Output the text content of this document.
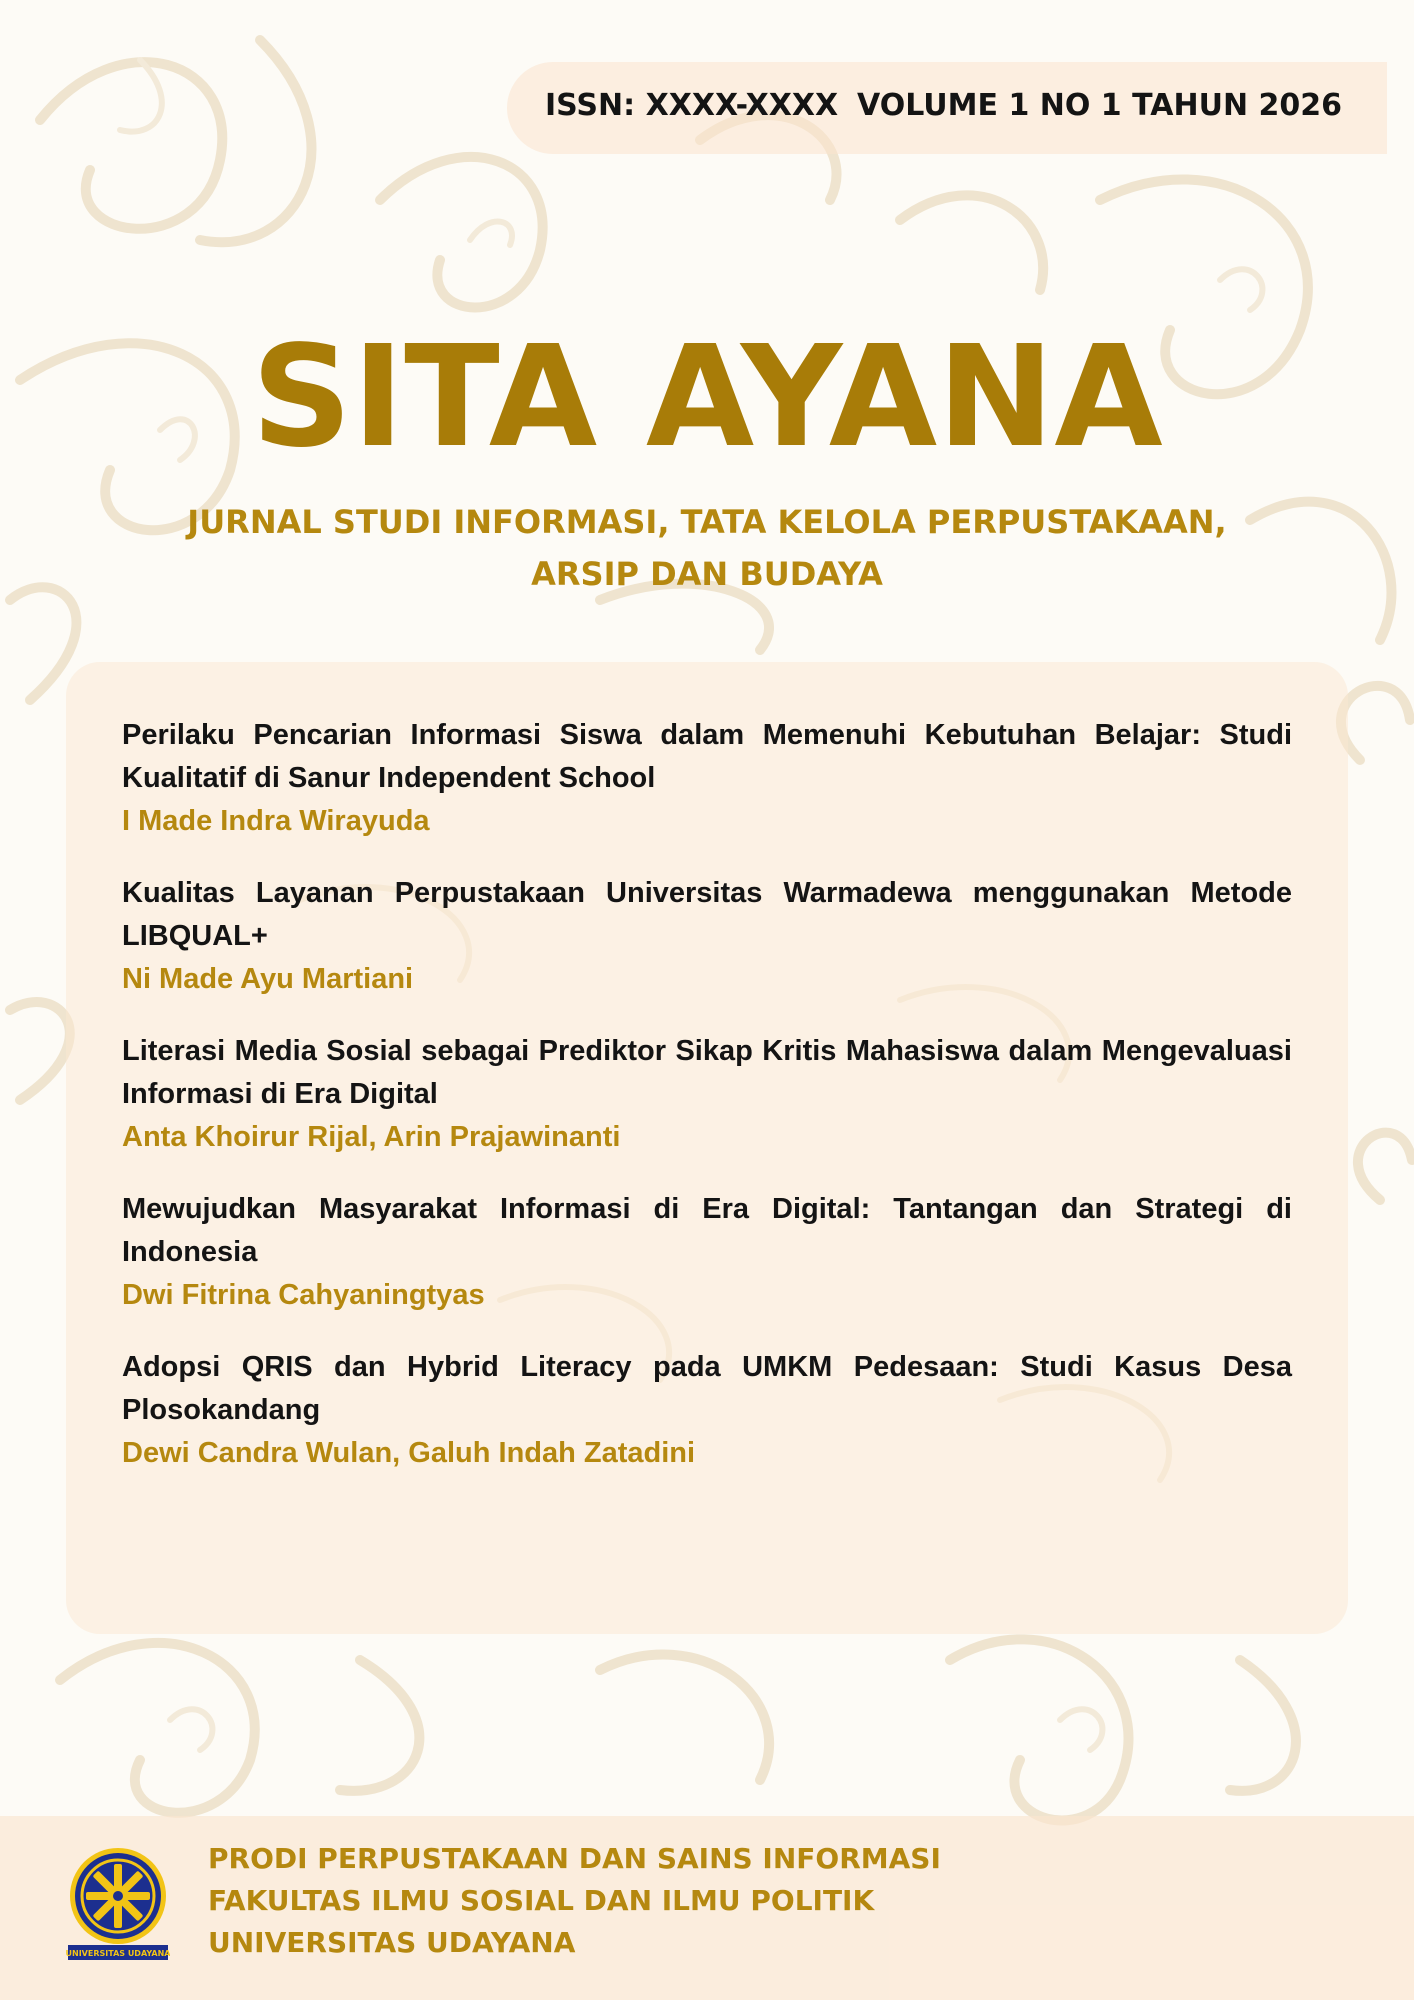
ISSN: XXXX-XXXX VOLUME 1 NO 1 TAHUN 2026
SITA AYANA
JURNAL STUDI INFORMASI, TATA KELOLA PERPUSTAKAAN,
ARSIP DAN BUDAYA
Perilaku Pencarian Informasi Siswa dalam Memenuhi Kebutuhan Belajar: Studi Kualitatif di Sanur Independent School
I Made Indra Wirayuda
Kualitas Layanan Perpustakaan Universitas Warmadewa menggunakan Metode LIBQUAL+
Ni Made Ayu Martiani
Literasi Media Sosial sebagai Prediktor Sikap Kritis Mahasiswa dalam Mengevaluasi Informasi di Era Digital
Anta Khoirur Rijal, Arin Prajawinanti
Mewujudkan Masyarakat Informasi di Era Digital: Tantangan dan Strategi di Indonesia
Dwi Fitrina Cahyaningtyas
Adopsi QRIS dan Hybrid Literacy pada UMKM Pedesaan: Studi Kasus Desa Plosokandang
Dewi Candra Wulan, Galuh Indah Zatadini
UNIVERSITAS UDAYANA
PRODI PERPUSTAKAAN DAN SAINS INFORMASI
FAKULTAS ILMU SOSIAL DAN ILMU POLITIK
UNIVERSITAS UDAYANA
